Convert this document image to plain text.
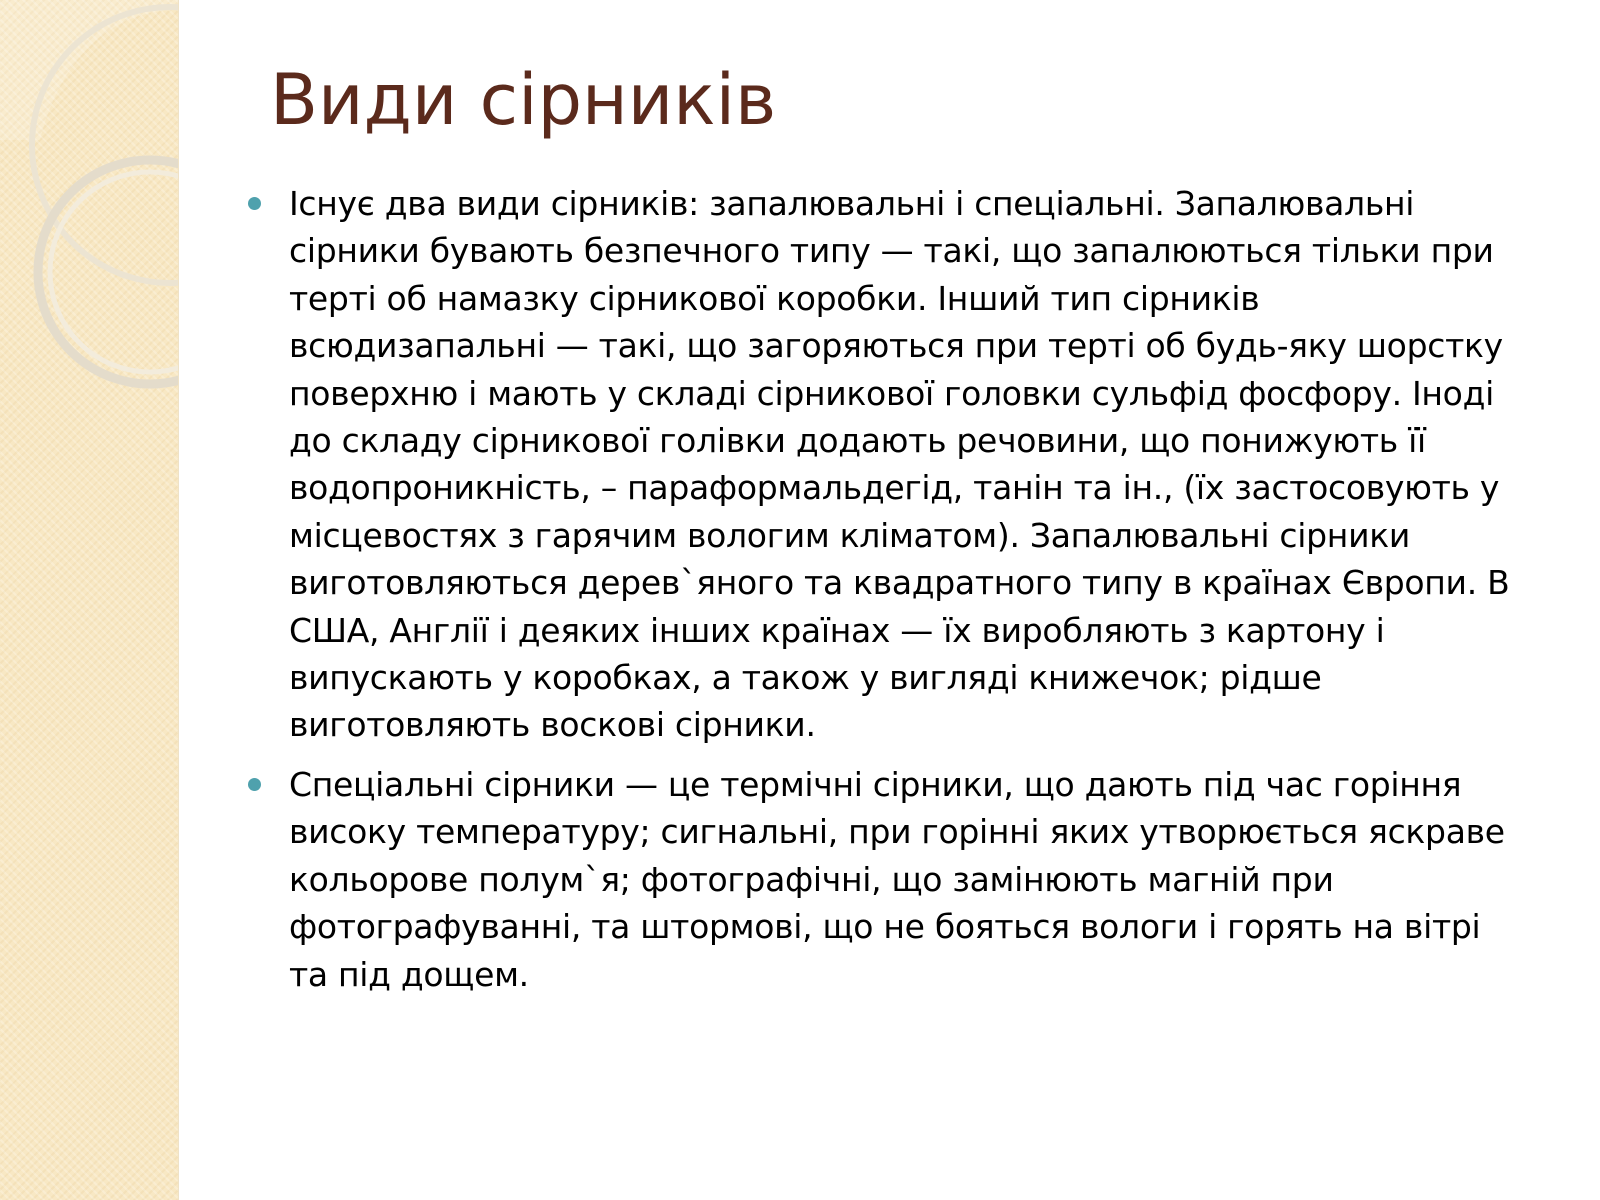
Види сірників
Існує два види сірників: запалювальні і спеціальні. Запалювальні сірники бувають безпечного типу — такі, що запалюються тільки при терті об намазку сірникової коробки. Інший тип сірників всюдизапальні — такі, що загоряються при терті об будь-яку шорстку поверхню і мають у складі сірникової головки сульфід фосфору. Іноді до складу сірникової голівки додають речовини, що понижують її водопроникність, – параформальдегід, танін та ін., (їх застосовують у місцевостях з гарячим вологим кліматом). Запалювальні сірники виготовляються дерев`яного та квадратного типу в країнах Європи. В США, Англії і деяких інших країнах — їх виробляють з картону і випускають у коробках, а також у вигляді книжечок; рідше виготовляють воскові сірники.
Спеціальні сірники — це термічні сірники, що дають під час горіння високу температуру; сигнальні, при горінні яких утворюється яскраве кольорове полум`я; фотографічні, що замінюють магній при фотографуванні, та штормові, що не бояться вологи і горять на вітрі та під дощем.
